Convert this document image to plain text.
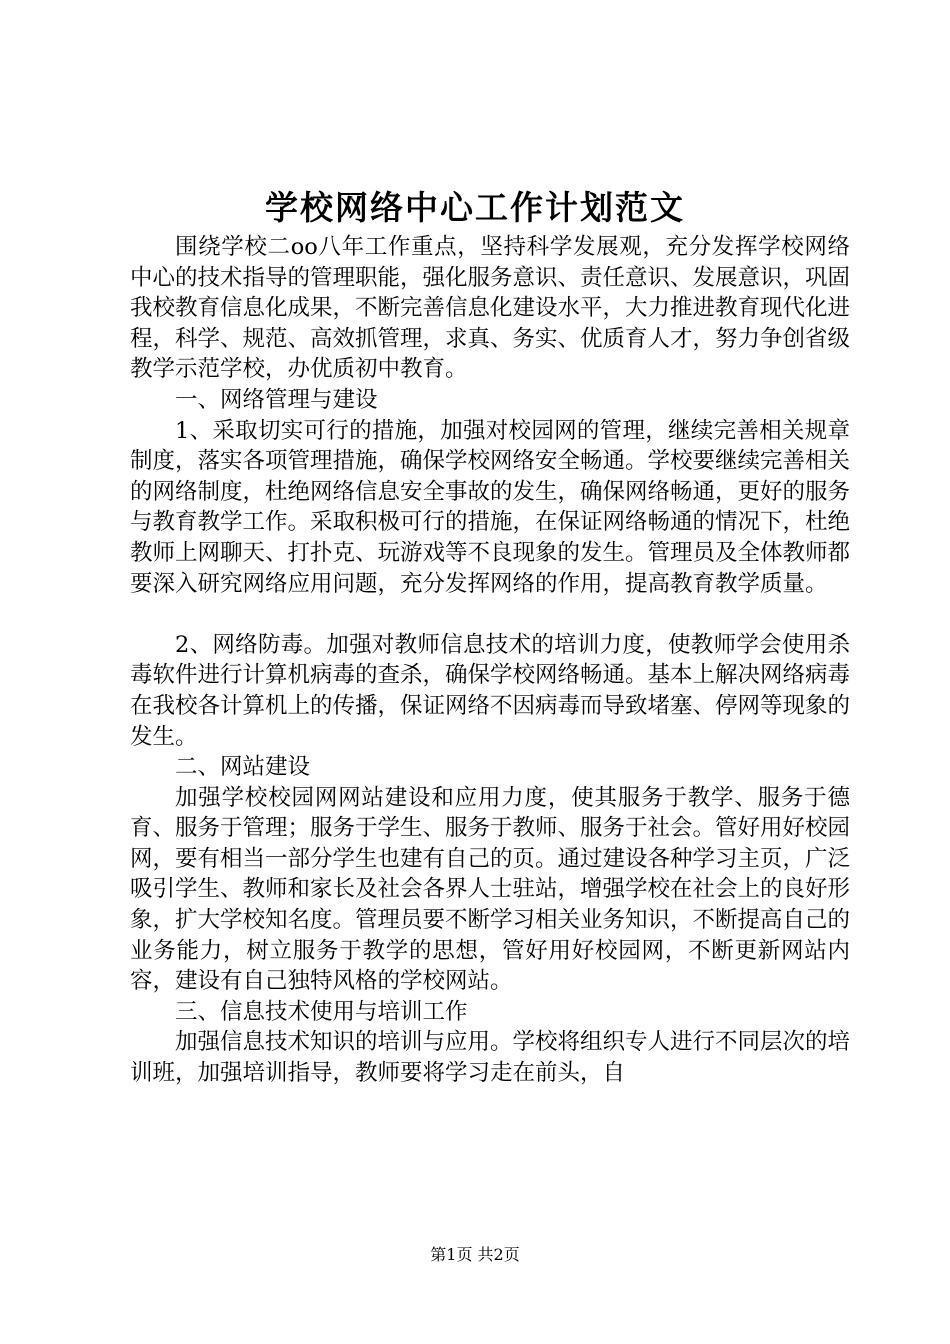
学校网络中心工作计划范文

围绕学校二oo八年工作重点，坚持科学发展观，充分发挥学校网络中心的技术指导的管理职能，强化服务意识、责任意识、发展意识，巩固我校教育信息化成果，不断完善信息化建设水平，大力推进教育现代化进程，科学、规范、高效抓管理，求真、务实、优质育人才，努力争创省级教学示范学校，办优质初中教育。

一、网络管理与建设

1、采取切实可行的措施，加强对校园网的管理，继续完善相关规章制度，落实各项管理措施，确保学校网络安全畅通。学校要继续完善相关的网络制度，杜绝网络信息安全事故的发生，确保网络畅通，更好的服务与教育教学工作。采取积极可行的措施，在保证网络畅通的情况下，杜绝教师上网聊天、打扑克、玩游戏等不良现象的发生。管理员及全体教师都要深入研究网络应用问题，充分发挥网络的作用，提高教育教学质量。

2、网络防毒。加强对教师信息技术的培训力度，使教师学会使用杀毒软件进行计算机病毒的查杀，确保学校网络畅通。基本上解决网络病毒在我校各计算机上的传播，保证网络不因病毒而导致堵塞、停网等现象的发生。

二、网站建设

加强学校校园网网站建设和应用力度，使其服务于教学、服务于德育、服务于管理；服务于学生、服务于教师、服务于社会。管好用好校园网，要有相当一部分学生也建有自己的页。通过建设各种学习主页，广泛吸引学生、教师和家长及社会各界人士驻站，增强学校在社会上的良好形象，扩大学校知名度。管理员要不断学习相关业务知识，不断提高自己的业务能力，树立服务于教学的思想，管好用好校园网，不断更新网站内容，建设有自己独特风格的学校网站。

三、信息技术使用与培训工作

加强信息技术知识的培训与应用。学校将组织专人进行不同层次的培训班，加强培训指导，教师要将学习走在前头，自

第1页 共2页
